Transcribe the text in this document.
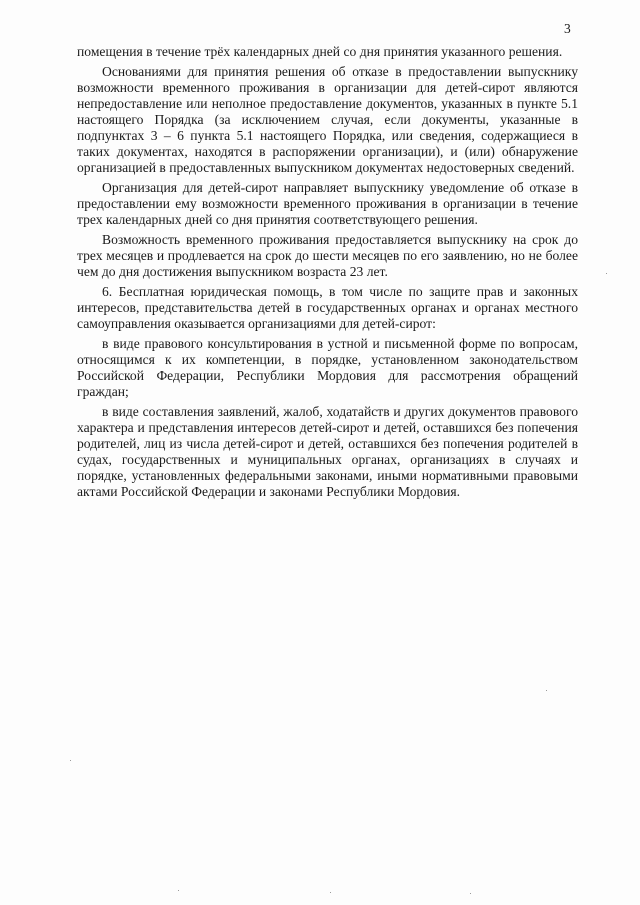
3

помещения в течение трёх календарных дней со дня принятия указанного решения.

Основаниями для принятия решения об отказе в предоставлении выпускнику возможности временного проживания в организации для детей-сирот являются непредоставление или неполное предоставление документов, указанных в пункте 5.1 настоящего Порядка (за исключением случая, если документы, указанные в подпунктах 3 – 6 пункта 5.1 настоящего Порядка, или сведения, содержащиеся в таких документах, находятся в распоряжении организации), и (или) обнаружение организацией в предоставленных выпускником документах недостоверных сведений.

Организация для детей-сирот направляет выпускнику уведомление об отказе в предоставлении ему возможности временного проживания в организации в течение трех календарных дней со дня принятия соответствующего решения.

Возможность временного проживания предоставляется выпускнику на срок до трех месяцев и продлевается на срок до шести месяцев по его заявлению, но не более чем до дня достижения выпускником возраста 23 лет.

6. Бесплатная юридическая помощь, в том числе по защите прав и законных интересов, представительства детей в государственных органах и органах местного самоуправления оказывается организациями для детей-сирот:

в виде правового консультирования в устной и письменной форме по вопросам, относящимся к их компетенции, в порядке, установленном законодательством Российской Федерации, Республики Мордовия для рассмотрения обращений граждан;

в виде составления заявлений, жалоб, ходатайств и других документов правового характера и представления интересов детей-сирот и детей, оставшихся без попечения родителей, лиц из числа детей-сирот и детей, оставшихся без попечения родителей в судах, государственных и муниципальных органах, организациях в случаях и порядке, установленных федеральными законами, иными нормативными правовыми актами Российской Федерации и законами Республики Мордовия.
